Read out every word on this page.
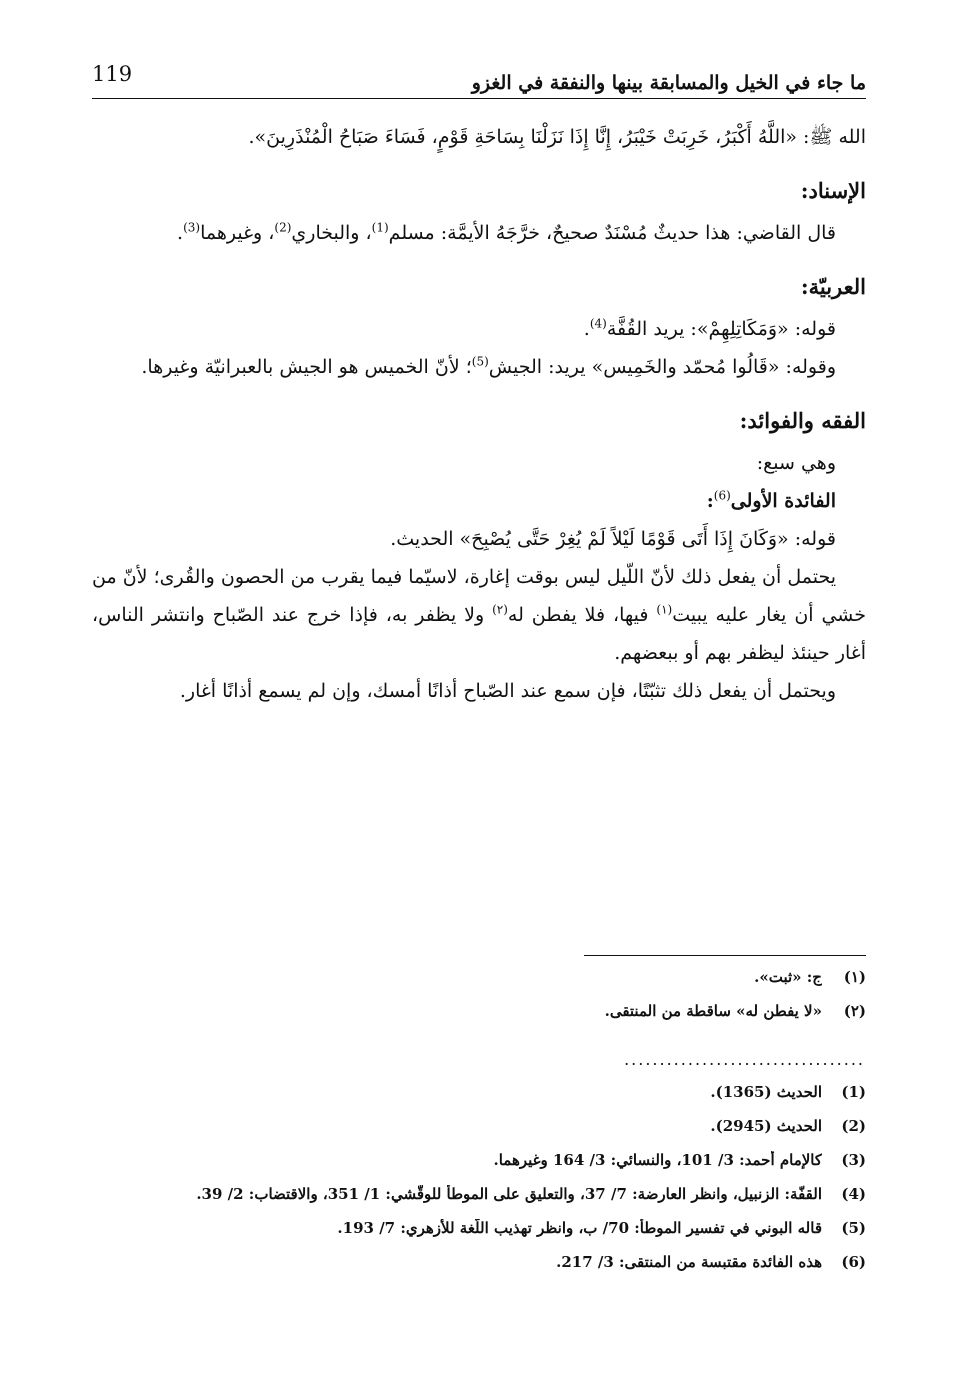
ما جاء في الخيل والمسابقة بينها والنفقة في الغزو
119

الله ﷺ: «اللَّهُ أَكْبَرُ، خَرِبَتْ خَيْبَرُ، إِنَّا إِذَا نَزَلْنَا بِسَاحَةِ قَوْمٍ، فَسَاءَ صَبَاحُ الْمُنْذَرِينَ».

الإسناد:

قال القاضي: هذا حديثٌ مُسْنَدٌ صحيحٌ، خرَّجَهُ الأيمَّة: مسلم$^{(1)}$، والبخاري$^{(2)}$، وغيرهما$^{(3)}$.

العربيّة:

قوله: «وَمَكَاتِلِهِمْ»: يريد القُفَّة$^{(4)}$.

وقوله: «قَالُوا مُحمّد والخَمِيس» يريد: الجيش$^{(5)}$؛ لأنّ الخميس هو الجيش بالعبرانيّة وغيرها.

الفقه والفوائد:

وهي سبع:

الفائدة الأولى$^{(6)}$:

قوله: «وَكَانَ إِذَا أَتَى قَوْمًا لَيْلاً لَمْ يُغِرْ حَتَّى يُصْبِحَ» الحديث.

يحتمل أن يفعل ذلك لأنّ اللّيل ليس بوقت إغارة، لاسيّما فيما يقرب من الحصون والقُرى؛ لأنّ من خشي أن يغار عليه يبيت$^{(١)}$ فيها، فلا يفطن له$^{(٢)}$ ولا يظفر به، فإذا خرج عند الصّباح وانتشر الناس، أغار حينئذ ليظفر بهم أو ببعضهم.

ويحتمل أن يفعل ذلك تثبّتًا، فإن سمع عند الصّباح أذانًا أمسك، وإن لم يسمع أذانًا أغار.

(١)
ج: «ثبت».
(٢)
«لا يفطن له» ساقطة من المنتقى.
..................................
(1)
الحديث (1365).
(2)
الحديث (2945).
(3)
كالإمام أحمد: 3/ 101، والنسائي: 3/ 164 وغيرهما.
(4)
القفّة: الزنبيل، وانظر العارضة: 7/ 37، والتعليق على الموطأ للوقّشي: 1/ 351، والاقتضاب: 2/ 39.
(5)
قاله البوني في تفسير الموطأ: 70/ ب، وانظر تهذيب اللّغة للأزهري: 7/ 193.
(6)
هذه الفائدة مقتبسة من المنتقى: 3/ 217.
